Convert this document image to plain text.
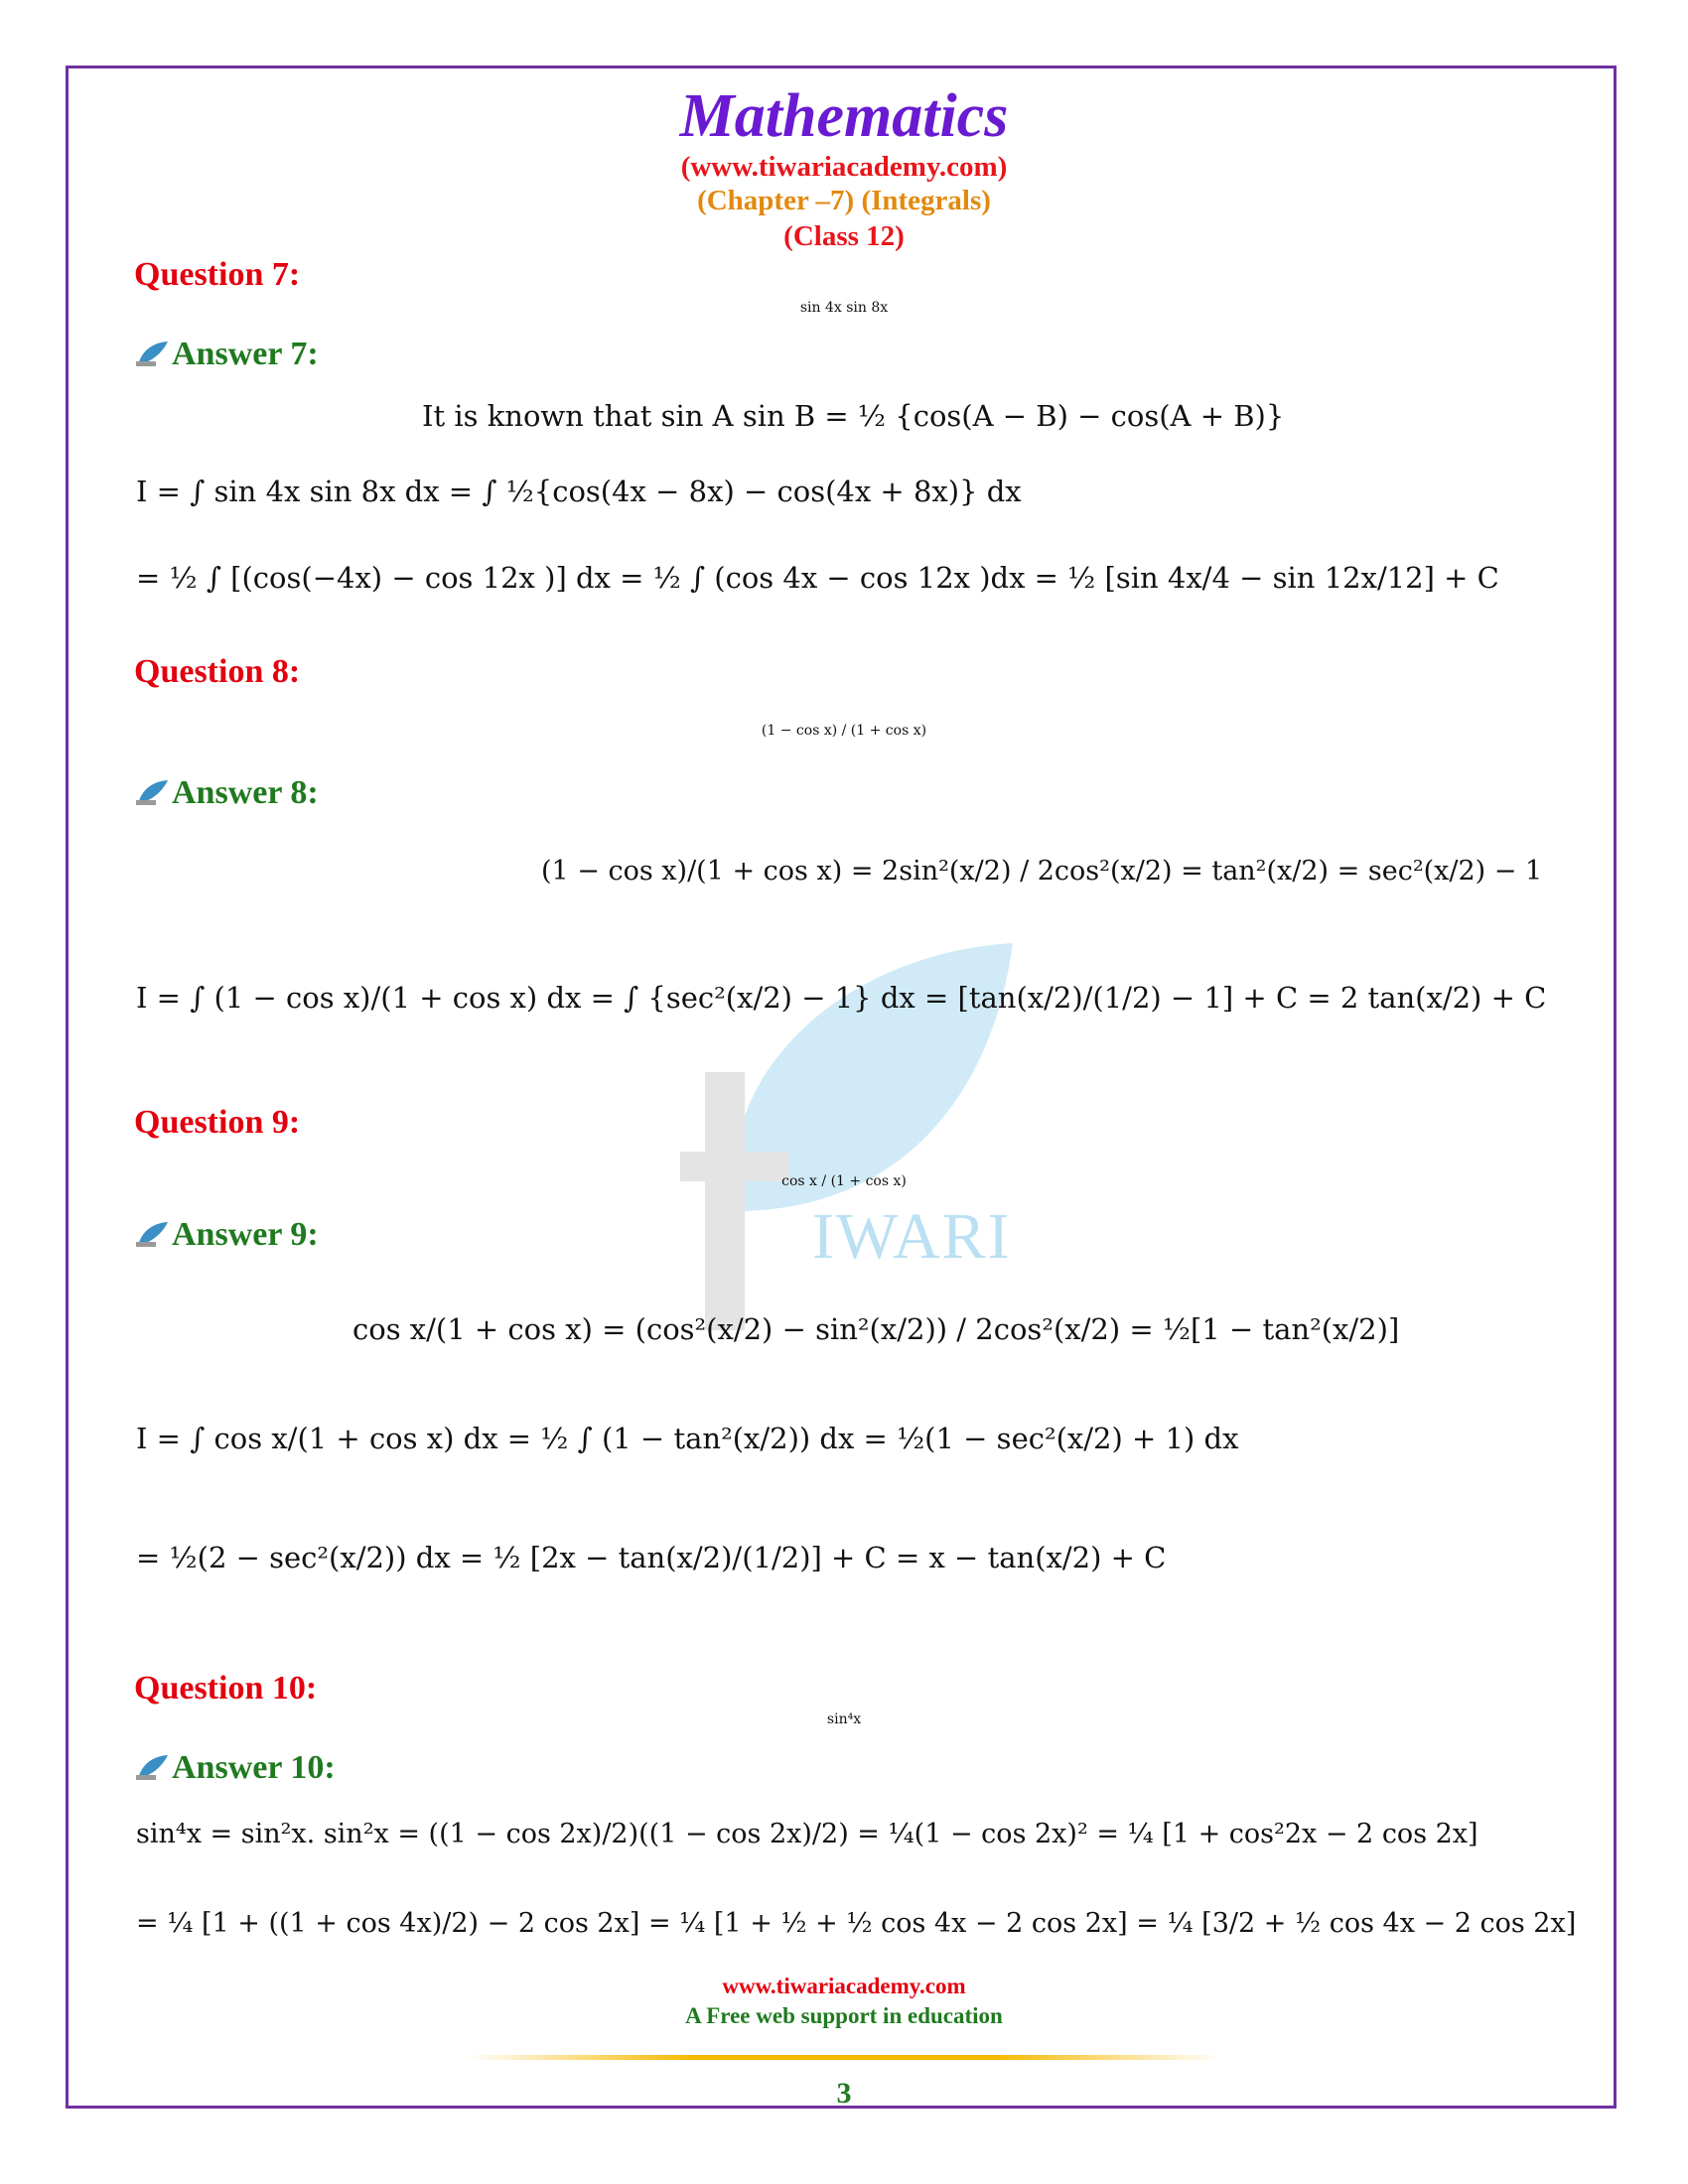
IWARI
Mathematics
(www.tiwariacademy.com)
(Chapter –7) (Integrals)
(Class 12)
Question 7:
sin 4x sin 8x
Answer 7:
It is known that sin A sin B = ½ {cos(A − B) − cos(A + B)}
I = ∫ sin 4x sin 8x dx = ∫ ½{cos(4x − 8x) − cos(4x + 8x)} dx
= ½ ∫ [(cos(−4x) − cos 12x )] dx = ½ ∫ (cos 4x − cos 12x )dx = ½ [sin 4x/4 − sin 12x/12] + C
Question 8:
(1 − cos x) / (1 + cos x)
Answer 8:
(1 − cos x)/(1 + cos x) = 2sin²(x/2) / 2cos²(x/2) = tan²(x/2) = sec²(x/2) − 1
I = ∫ (1 − cos x)/(1 + cos x) dx = ∫ {sec²(x/2) − 1} dx = [tan(x/2)/(1/2) − 1] + C = 2 tan(x/2) + C
Question 9:
cos x / (1 + cos x)
Answer 9:
cos x/(1 + cos x) = (cos²(x/2) − sin²(x/2)) / 2cos²(x/2) = ½[1 − tan²(x/2)]
I = ∫ cos x/(1 + cos x) dx = ½ ∫ (1 − tan²(x/2)) dx = ½(1 − sec²(x/2) + 1) dx
= ½(2 − sec²(x/2)) dx = ½ [2x − tan(x/2)/(1/2)] + C = x − tan(x/2) + C
Question 10:
sin⁴x
Answer 10:
sin⁴x = sin²x. sin²x = ((1 − cos 2x)/2)((1 − cos 2x)/2) = ¼(1 − cos 2x)² = ¼ [1 + cos²2x − 2 cos 2x]
= ¼ [1 + ((1 + cos 4x)/2) − 2 cos 2x] = ¼ [1 + ½ + ½ cos 4x − 2 cos 2x] = ¼ [3/2 + ½ cos 4x − 2 cos 2x]
www.tiwariacademy.com
A Free web support in education
3
